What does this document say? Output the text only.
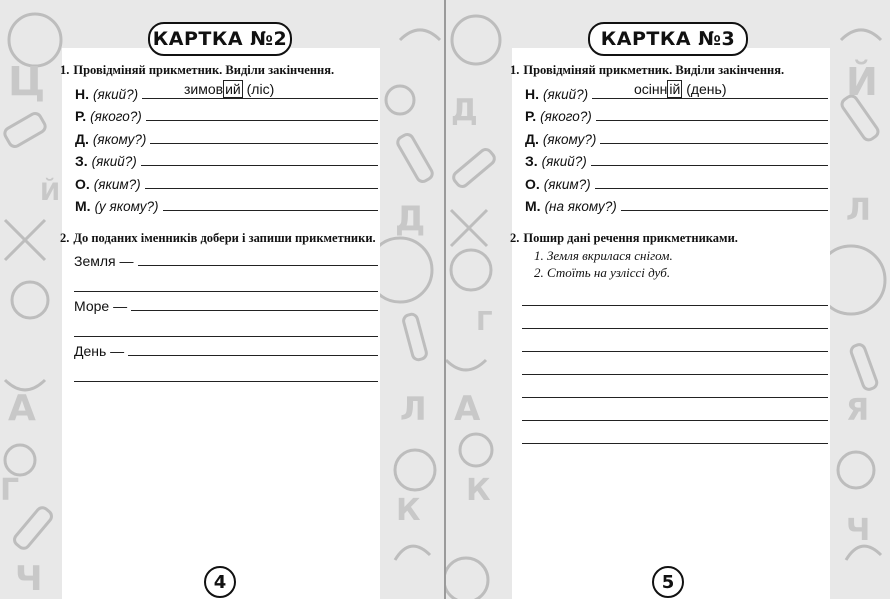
Ц
Д
А	Л
Ч
К
Й
Г
КАРТКА №2
1. Провідміняй прикметник. Виділи закінчення.
Н. (який?)	зимов ий (ліс)
Р. (якого?)
Д. (якому?)
З. (який?)
О. (яким?)
М. (у якому?)
2. До поданих іменників добери і запиши прикметники.
Земля —
Море —
День —
4
Д
Й
Л
А	Я
К
Ч
Г
КАРТКА №3
1. Провідміняй прикметник. Виділи закінчення.
Н. (який?)	осінн ій (день)
Р. (якого?)
Д. (якому?)
З. (який?)
О. (яким?)
М. (на якому?)
2. Пошир дані речення прикметниками.
1. Земля вкрилася снігом.
2. Стоїть на узліссі дуб.
5
